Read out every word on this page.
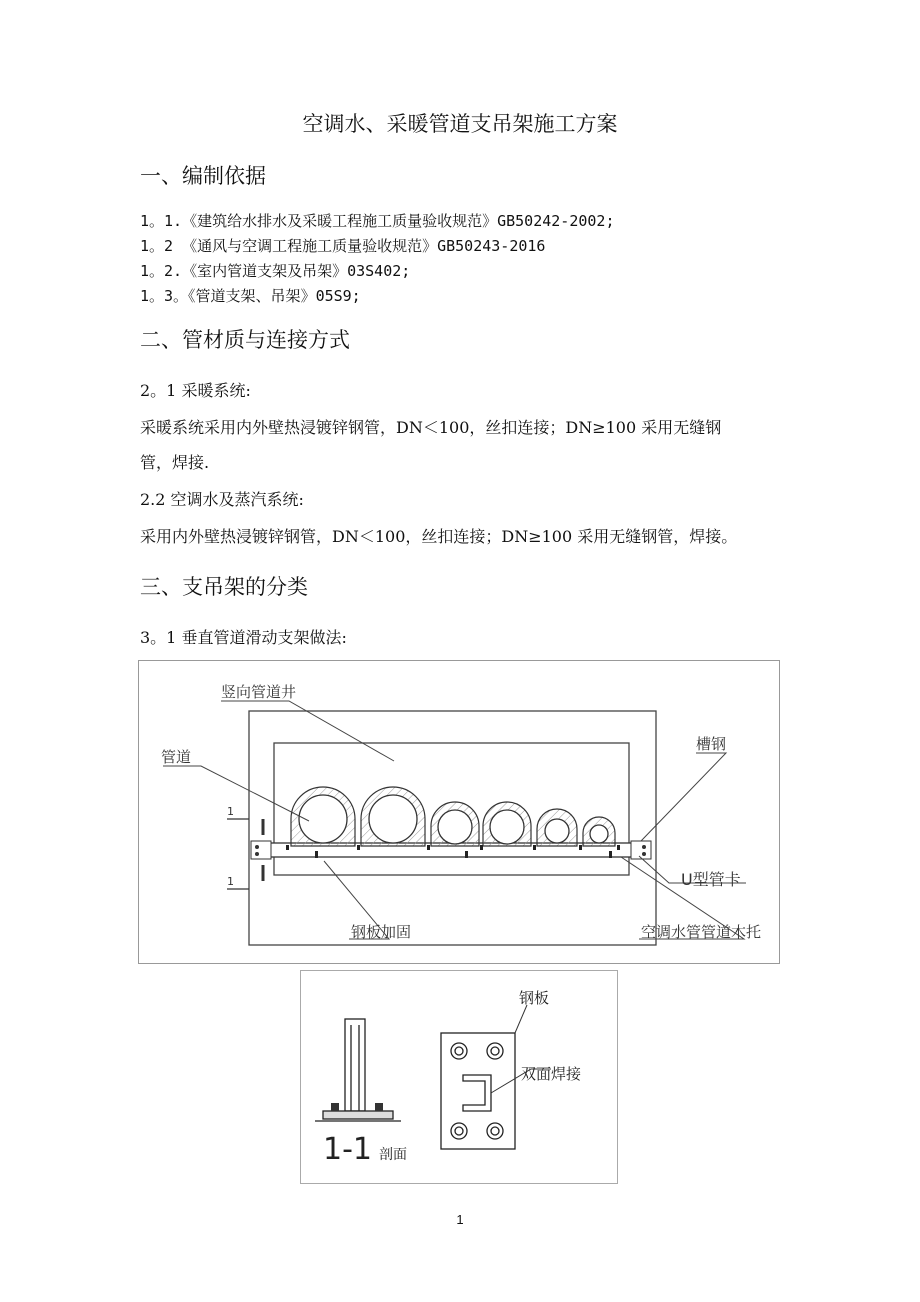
空调水、采暖管道支吊架施工方案
一、编制依据
1。1.《建筑给水排水及采暖工程施工质量验收规范》GB50242-2002;
1。2 《通风与空调工程施工质量验收规范》GB50243-2016
1。2.《室内管道支架及吊架》03S402;
1。3。《管道支架、吊架》05S9;
二、管材质与连接方式
2。1 采暖系统:
采暖系统采用内外壁热浸镀锌钢管，DN＜100，丝扣连接；DN≥100 采用无缝钢
管，焊接.
2.2 空调水及蒸汽系统:
采用内外壁热浸镀锌钢管，DN＜100，丝扣连接；DN≥100 采用无缝钢管，焊接。
三、支吊架的分类
3。1 垂直管道滑动支架做法:
1
1
竖向管道井
管道
槽钢
U型管卡
钢板加固	空调水管管道木托
1-1 剖面
钢板
双面焊接
1
